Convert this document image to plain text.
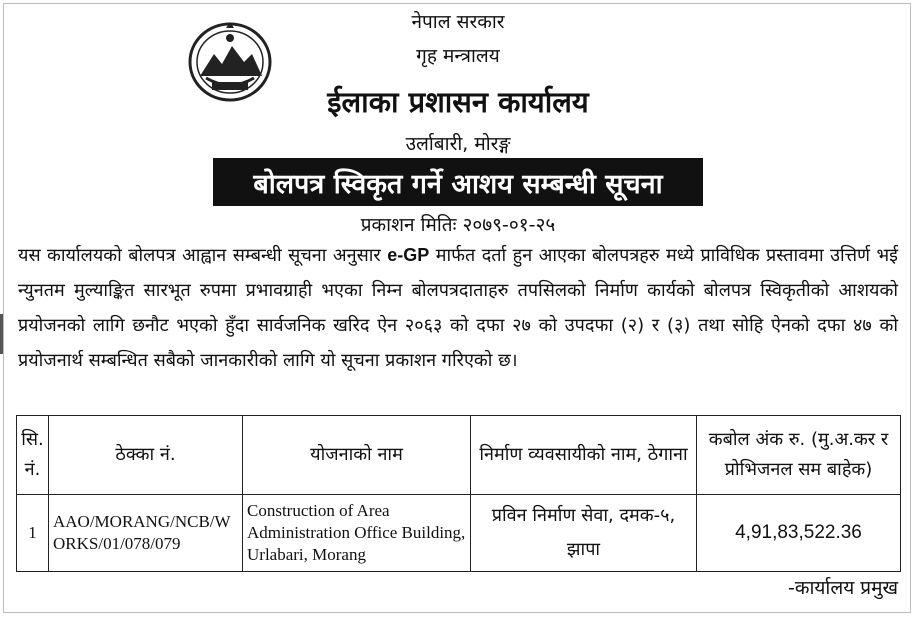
नेपाल सरकार

गृह मन्त्रालय

ईलाका प्रशासन कार्यालय

उर्लाबारी, मोरङ्ग

बोलपत्र स्विकृत गर्ने आशय सम्बन्धी सूचना

प्रकाशन मितिः २०७९-०१-२५

यस कार्यालयको बोलपत्र आह्वान सम्बन्धी सूचना अनुसार e-GP मार्फत दर्ता हुन आएका बोलपत्रहरु मध्ये प्राविधिक प्रस्तावमा उत्तिर्ण भई न्युनतम मुल्याङ्कित सारभूत रुपमा प्रभावग्राही भएका निम्न बोलपत्रदाताहरु तपसिलको निर्माण कार्यको बोलपत्र स्विकृतीको आशयको प्रयोजनको लागि छनौट भएको हुँदा सार्वजनिक खरिद ऐन २०६३ को दफा २७ को उपदफा (२) र (३) तथा सोहि ऐनको दफा ४७ को प्रयोजनार्थ सम्बन्धित सबैको जानकारीको लागि यो सूचना प्रकाशन गरिएको छ।

सि. नं.	ठेक्का नं.	योजनाको नाम	निर्माण व्यवसायीको नाम, ठेगाना	कबोल अंक रु. (मु.अ.कर र प्रोभिजनल सम बाहेक)
1	AAO/MORANG/NCB/WORKS/01/078/079	Construction of Area Administration Office Building, Urlabari, Morang	प्रविन निर्माण सेवा, दमक-५, झापा	4,91,83,522.36
-कार्यालय प्रमुख
